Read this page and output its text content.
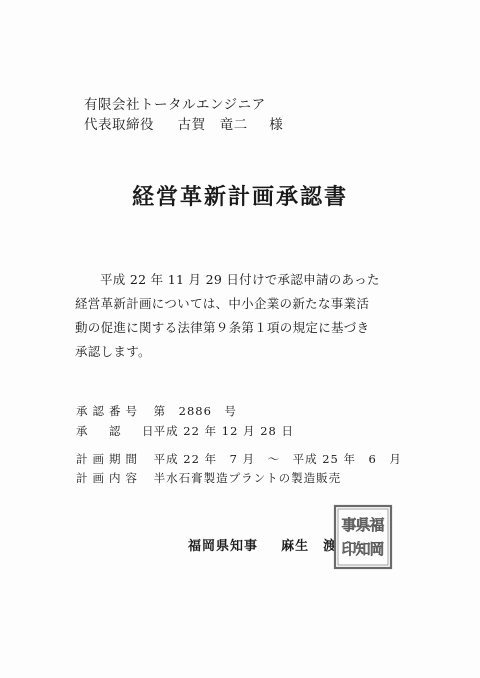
有限会社トータルエンジニア
代表取締役 古賀　竜二 様
経営革新計画承認書
平成 22 年 11 月 29 日付けで承認申請のあった
経営革新計画については、中小企業の新たな事業活
動の促進に関する法律第９条第１項の規定に基づき
承認します。
承認番号 第　2886　号
承　認　日 平成 22 年 12 月 28 日
計画期間 平成 22 年　7 月　～　平成 25 年　6　月
計画内容 半水石膏製造プラントの製造販売
福岡県知事 麻生　渡
福
岡
県
知
事
印
